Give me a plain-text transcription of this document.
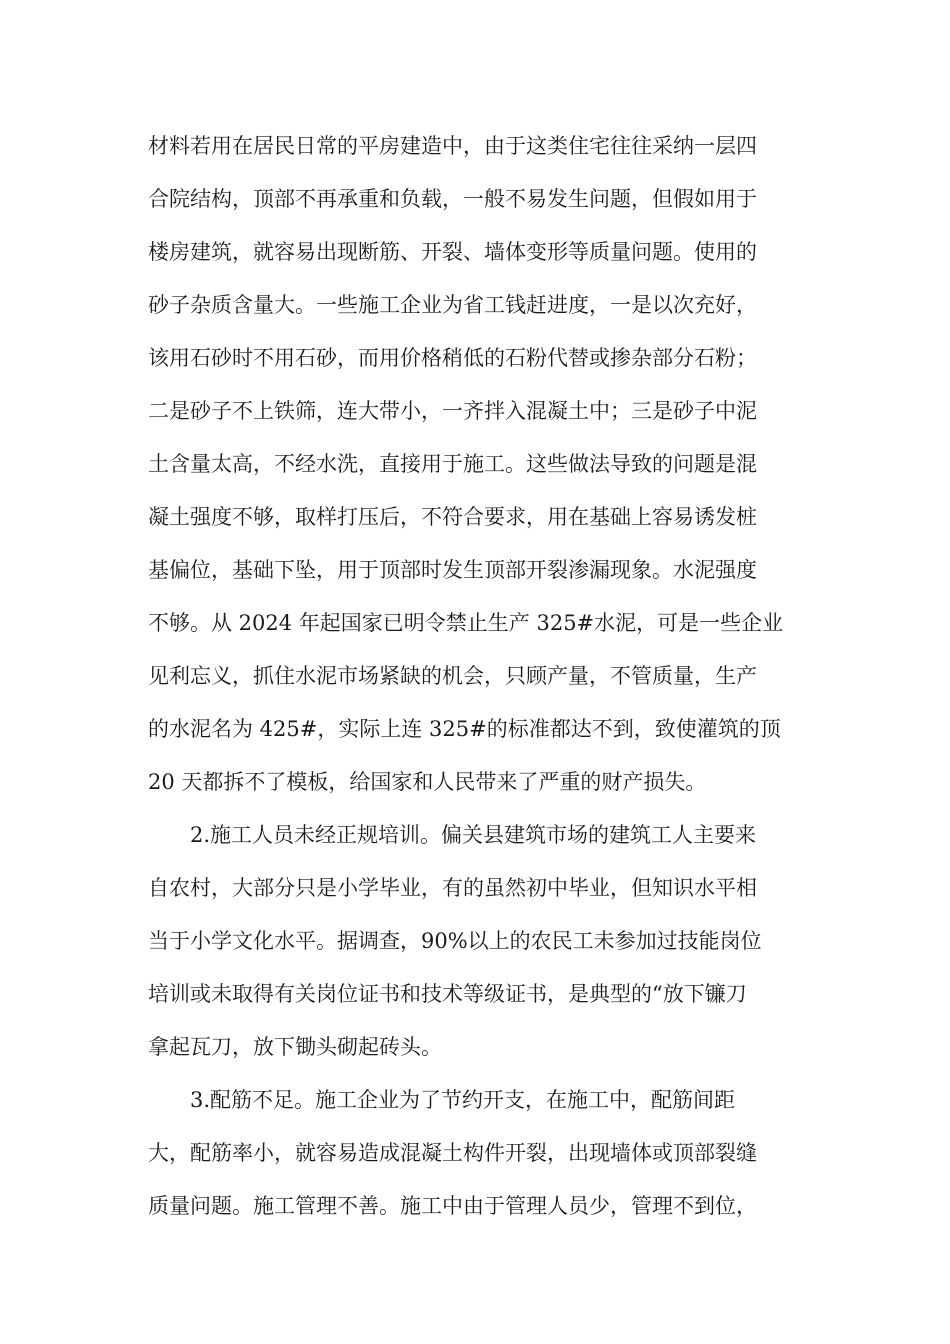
材料若用在居民日常的平房建造中，由于这类住宅往往采纳一层四
合院结构，顶部不再承重和负载，一般不易发生问题，但假如用于
楼房建筑，就容易出现断筋、开裂、墙体变形等质量问题。使用的
砂子杂质含量大。一些施工企业为省工钱赶进度，一是以次充好，
该用石砂时不用石砂，而用价格稍低的石粉代替或掺杂部分石粉；
二是砂子不上铁筛，连大带小，一齐拌入混凝土中；三是砂子中泥
土含量太高，不经水洗，直接用于施工。这些做法导致的问题是混
凝土强度不够，取样打压后，不符合要求，用在基础上容易诱发桩
基偏位，基础下坠，用于顶部时发生顶部开裂渗漏现象。水泥强度
不够。从 2024 年起国家已明令禁止生产 325#水泥，可是一些企业
见利忘义，抓住水泥市场紧缺的机会，只顾产量，不管质量，生产
的水泥名为 425#，实际上连 325#的标准都达不到，致使灌筑的顶
20 天都拆不了模板，给国家和人民带来了严重的财产损失。
2.施工人员未经正规培训。偏关县建筑市场的建筑工人主要来
自农村，大部分只是小学毕业，有的虽然初中毕业，但知识水平相
当于小学文化水平。据调查，90%以上的农民工未参加过技能岗位
培训或未取得有关岗位证书和技术等级证书，是典型的“放下镰刀
拿起瓦刀，放下锄头砌起砖头。
3.配筋不足。施工企业为了节约开支，在施工中，配筋间距
大，配筋率小，就容易造成混凝土构件开裂，出现墙体或顶部裂缝
质量问题。施工管理不善。施工中由于管理人员少，管理不到位，
